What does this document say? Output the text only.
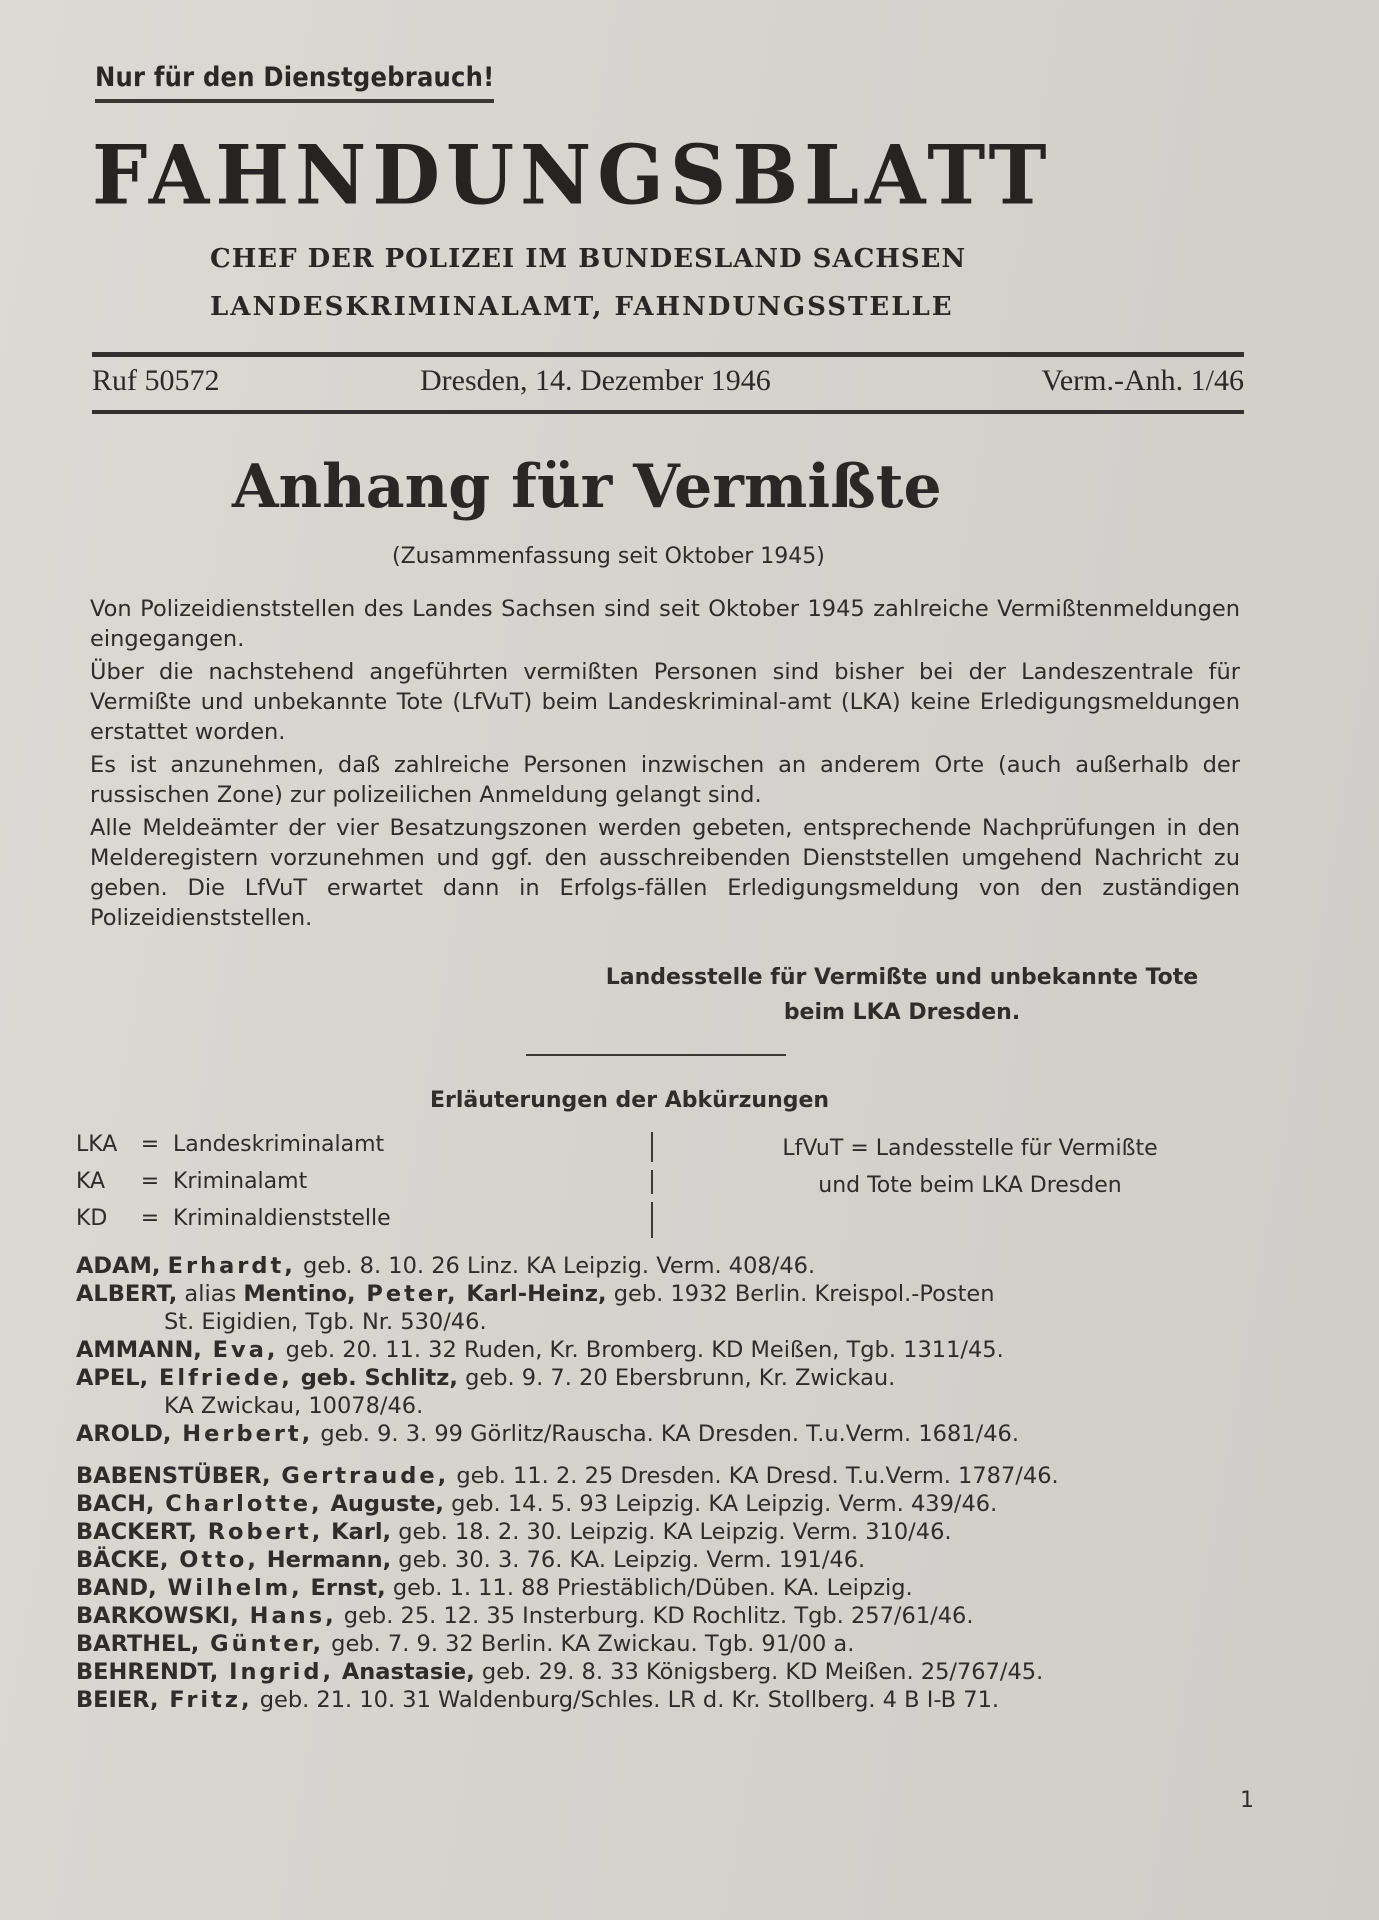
Nur für den Dienstgebrauch!
FAHNDUNGSBLATT
CHEF DER POLIZEI IM BUNDESLAND SACHSEN
LANDESKRIMINALAMT, FAHNDUNGSSTELLE
Ruf 50572	Dresden, 14. Dezember 1946	Verm.-Anh. 1/46
Anhang für Vermißte
(Zusammenfassung seit Oktober 1945)

Von Polizeidienststellen des Landes Sachsen sind seit Oktober 1945 zahlreiche Vermißtenmeldungen eingegangen.

Über die nachstehend angeführten vermißten Personen sind bisher bei der Landeszentrale für Vermißte und unbekannte Tote (LfVuT) beim Landeskriminal-amt (LKA) keine Erledigungsmeldungen erstattet worden.

Es ist anzunehmen, daß zahlreiche Personen inzwischen an anderem Orte (auch außerhalb der russischen Zone) zur polizeilichen Anmeldung gelangt sind.

Alle Meldeämter der vier Besatzungszonen werden gebeten, entsprechende Nachprüfungen in den Melderegistern vorzunehmen und ggf. den ausschreibenden Dienststellen umgehend Nachricht zu geben. Die LfVuT erwartet dann in Erfolgs-fällen Erledigungsmeldung von den zuständigen Polizeidienststellen.

Landesstelle für Vermißte und unbekannte Tote
beim LKA Dresden.
Erläuterungen der Abkürzungen
LKA = Landeskriminalamt
KA = Kriminalamt
KD = Kriminaldienststelle
LfVuT = Landesstelle für Vermißte
und Tote beim LKA Dresden
ADAM, Erhardt, geb. 8. 10. 26 Linz. KA Leipzig. Verm. 408/46.
ALBERT, alias Mentino, Peter, Karl-Heinz, geb. 1932 Berlin. Kreispol.-Posten
St. Eigidien, Tgb. Nr. 530/46.
AMMANN, Eva, geb. 20. 11. 32 Ruden, Kr. Bromberg. KD Meißen, Tgb. 1311/45.
APEL, Elfriede, geb. Schlitz, geb. 9. 7. 20 Ebersbrunn, Kr. Zwickau.
KA Zwickau, 10078/46.
AROLD, Herbert, geb. 9. 3. 99 Görlitz/Rauscha. KA Dresden. T.u.Verm. 1681/46.
BABENSTÜBER, Gertraude, geb. 11. 2. 25 Dresden. KA Dresd. T.u.Verm. 1787/46.
BACH, Charlotte, Auguste, geb. 14. 5. 93 Leipzig. KA Leipzig. Verm. 439/46.
BACKERT, Robert, Karl, geb. 18. 2. 30. Leipzig. KA Leipzig. Verm. 310/46.
BÄCKE, Otto, Hermann, geb. 30. 3. 76. KA. Leipzig. Verm. 191/46.
BAND, Wilhelm, Ernst, geb. 1. 11. 88 Priestäblich/Düben. KA. Leipzig.
BARKOWSKI, Hans, geb. 25. 12. 35 Insterburg. KD Rochlitz. Tgb. 257/61/46.
BARTHEL, Günter, geb. 7. 9. 32 Berlin. KA Zwickau. Tgb. 91/00 a.
BEHRENDT, Ingrid, Anastasie, geb. 29. 8. 33 Königsberg. KD Meißen. 25/767/45.
BEIER, Fritz, geb. 21. 10. 31 Waldenburg/Schles. LR d. Kr. Stollberg. 4 B I-B 71.
1
